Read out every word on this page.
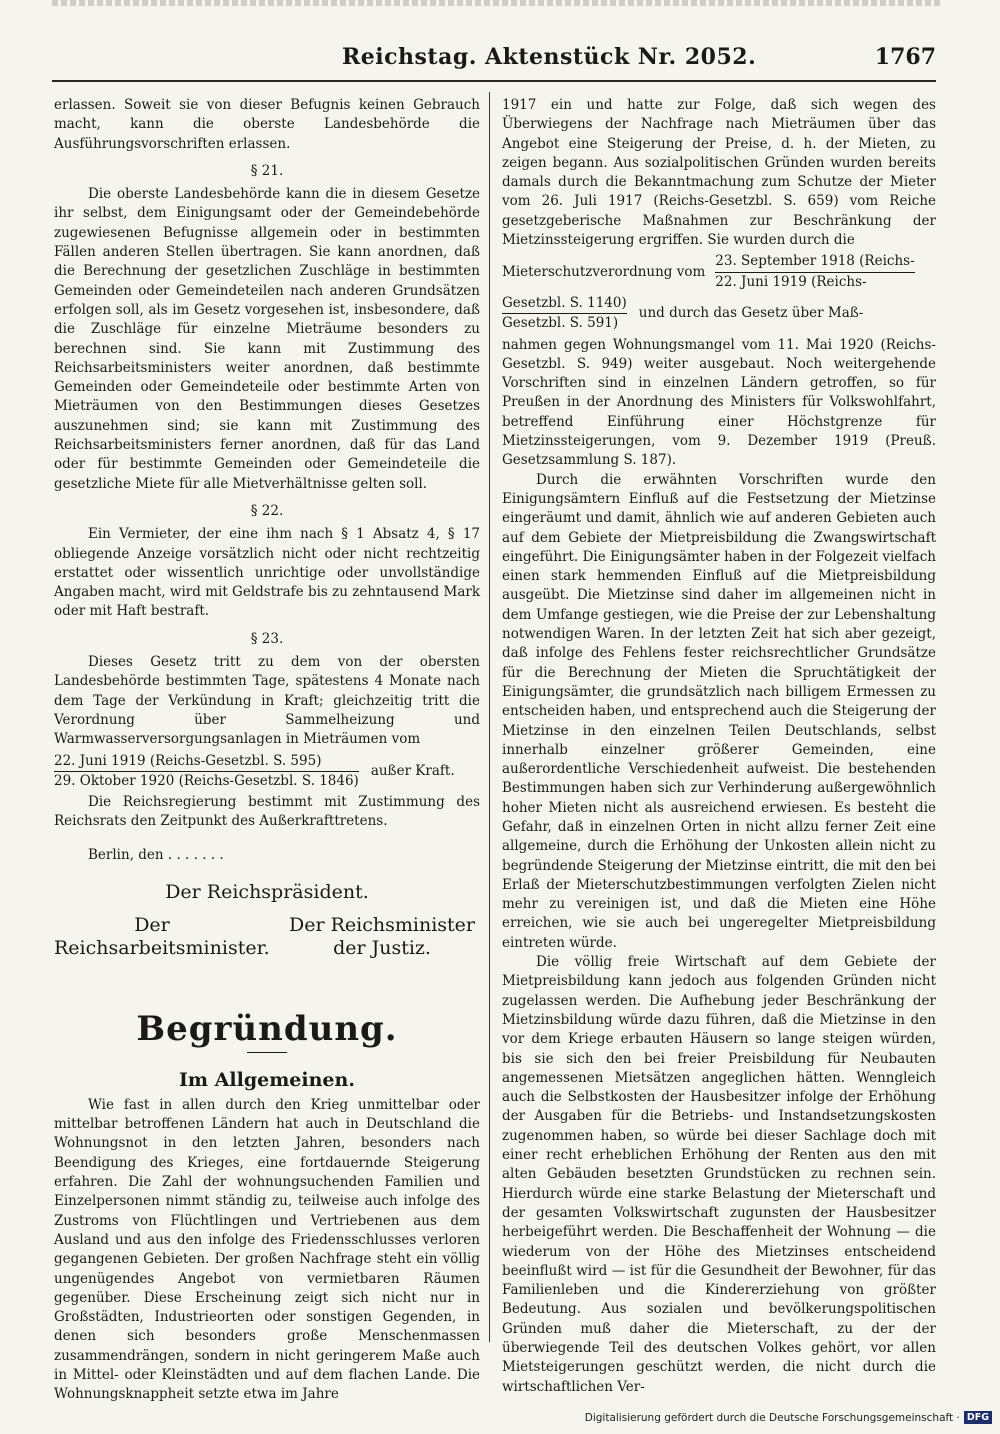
Reichstag. Aktenstück Nr. 2052.	1767

erlassen. Soweit sie von dieser Befugnis keinen Gebrauch macht, kann die oberste Landesbehörde die Ausführungsvorschriften erlassen.

§ 21.

Die oberste Landesbehörde kann die in diesem Gesetze ihr selbst, dem Einigungsamt oder der Gemeindebehörde zugewiesenen Befugnisse allgemein oder in bestimmten Fällen anderen Stellen übertragen. Sie kann anordnen, daß die Berechnung der gesetzlichen Zuschläge in bestimmten Gemeinden oder Gemeindeteilen nach anderen Grundsätzen erfolgen soll, als im Gesetz vorgesehen ist, insbesondere, daß die Zuschläge für einzelne Mieträume besonders zu berechnen sind. Sie kann mit Zustimmung des Reichsarbeitsministers weiter anordnen, daß bestimmte Gemeinden oder Gemeindeteile oder bestimmte Arten von Mieträumen von den Bestimmungen dieses Gesetzes auszunehmen sind; sie kann mit Zustimmung des Reichsarbeitsministers ferner anordnen, daß für das Land oder für bestimmte Gemeinden oder Gemeindeteile die gesetzliche Miete für alle Mietverhältnisse gelten soll.

§ 22.

Ein Vermieter, der eine ihm nach § 1 Absatz 4, § 17 obliegende Anzeige vorsätzlich nicht oder nicht rechtzeitig erstattet oder wissentlich unrichtige oder unvollständige Angaben macht, wird mit Geldstrafe bis zu zehntausend Mark oder mit Haft bestraft.

§ 23.

Dieses Gesetz tritt zu dem von der obersten Landesbehörde bestimmten Tage, spätestens 4 Monate nach dem Tage der Verkündung in Kraft; gleichzeitig tritt die Verordnung über Sammelheizung und Warmwasserversorgungsanlagen in Mieträumen vom

22. Juni 1919 (Reichs-Gesetzbl. S. 595)
29. Oktober 1920 (Reichs-Gesetzbl. S. 1846)
außer Kraft.

Die Reichsregierung bestimmt mit Zustimmung des Reichsrats den Zeitpunkt des Außerkrafttretens.

Berlin, den . . . . . . .

Der Reichspräsident.

Der Reichsarbeitsminister.
Der Reichsminister der Justiz.

Begründung.

Im Allgemeinen.

Wie fast in allen durch den Krieg unmittelbar oder mittelbar betroffenen Ländern hat auch in Deutschland die Wohnungsnot in den letzten Jahren, besonders nach Beendigung des Krieges, eine fortdauernde Steigerung erfahren. Die Zahl der wohnungsuchenden Familien und Einzelpersonen nimmt ständig zu, teilweise auch infolge des Zustroms von Flüchtlingen und Vertriebenen aus dem Ausland und aus den infolge des Friedensschlusses verloren gegangenen Gebieten. Der großen Nachfrage steht ein völlig ungenügendes Angebot von vermietbaren Räumen gegenüber. Diese Erscheinung zeigt sich nicht nur in Großstädten, Industrieorten oder sonstigen Gegenden, in denen sich besonders große Menschenmassen zusammendrängen, sondern in nicht geringerem Maße auch in Mittel- oder Kleinstädten und auf dem flachen Lande. Die Wohnungsknappheit setzte etwa im Jahre

1917 ein und hatte zur Folge, daß sich wegen des Überwiegens der Nachfrage nach Mieträumen über das Angebot eine Steigerung der Preise, d. h. der Mieten, zu zeigen begann. Aus sozialpolitischen Gründen wurden bereits damals durch die Bekanntmachung zum Schutze der Mieter vom 26. Juli 1917 (Reichs-Gesetzbl. S. 659) vom Reiche gesetzgeberische Maßnahmen zur Beschränkung der Mietzinssteigerung ergriffen. Sie wurden durch die

Mieterschutzverordnung vom
23. September 1918 (Reichs-
22. Juni 1919 (Reichs-
Gesetzbl. S. 1140)
Gesetzbl. S. 591)
und durch das Gesetz über Maß-

nahmen gegen Wohnungsmangel vom 11. Mai 1920 (Reichs-Gesetzbl. S. 949) weiter ausgebaut. Noch weitergehende Vorschriften sind in einzelnen Ländern getroffen, so für Preußen in der Anordnung des Ministers für Volkswohlfahrt, betreffend Einführung einer Höchstgrenze für Mietzinssteigerungen, vom 9. Dezember 1919 (Preuß. Gesetzsammlung S. 187).

Durch die erwähnten Vorschriften wurde den Einigungsämtern Einfluß auf die Festsetzung der Mietzinse eingeräumt und damit, ähnlich wie auf anderen Gebieten auch auf dem Gebiete der Mietpreisbildung die Zwangswirtschaft eingeführt. Die Einigungsämter haben in der Folgezeit vielfach einen stark hemmenden Einfluß auf die Mietpreisbildung ausgeübt. Die Mietzinse sind daher im allgemeinen nicht in dem Umfange gestiegen, wie die Preise der zur Lebenshaltung notwendigen Waren. In der letzten Zeit hat sich aber gezeigt, daß infolge des Fehlens fester reichsrechtlicher Grundsätze für die Berechnung der Mieten die Spruchtätigkeit der Einigungsämter, die grundsätzlich nach billigem Ermessen zu entscheiden haben, und entsprechend auch die Steigerung der Mietzinse in den einzelnen Teilen Deutschlands, selbst innerhalb einzelner größerer Gemeinden, eine außerordentliche Verschiedenheit aufweist. Die bestehenden Bestimmungen haben sich zur Verhinderung außergewöhnlich hoher Mieten nicht als ausreichend erwiesen. Es besteht die Gefahr, daß in einzelnen Orten in nicht allzu ferner Zeit eine allgemeine, durch die Erhöhung der Unkosten allein nicht zu begründende Steigerung der Mietzinse eintritt, die mit den bei Erlaß der Mieterschutzbestimmungen verfolgten Zielen nicht mehr zu vereinigen ist, und daß die Mieten eine Höhe erreichen, wie sie auch bei ungeregelter Mietpreisbildung eintreten würde.

Die völlig freie Wirtschaft auf dem Gebiete der Mietpreisbildung kann jedoch aus folgenden Gründen nicht zugelassen werden. Die Aufhebung jeder Beschränkung der Mietzinsbildung würde dazu führen, daß die Mietzinse in den vor dem Kriege erbauten Häusern so lange steigen würden, bis sie sich den bei freier Preisbildung für Neubauten angemessenen Mietsätzen angeglichen hätten. Wenngleich auch die Selbstkosten der Hausbesitzer infolge der Erhöhung der Ausgaben für die Betriebs- und Instandsetzungskosten zugenommen haben, so würde bei dieser Sachlage doch mit einer recht erheblichen Erhöhung der Renten aus den mit alten Gebäuden besetzten Grundstücken zu rechnen sein. Hierdurch würde eine starke Belastung der Mieterschaft und der gesamten Volkswirtschaft zugunsten der Hausbesitzer herbeigeführt werden. Die Beschaffenheit der Wohnung — die wiederum von der Höhe des Mietzinses entscheidend beeinflußt wird — ist für die Gesundheit der Bewohner, für das Familienleben und die Kindererziehung von größter Bedeutung. Aus sozialen und bevölkerungspolitischen Gründen muß daher die Mieterschaft, zu der der überwiegende Teil des deutschen Volkes gehört, vor allen Mietsteigerungen geschützt werden, die nicht durch die wirtschaftlichen Ver-

Digitalisierung gefördert durch die Deutsche Forschungsgemeinschaft · DFG
